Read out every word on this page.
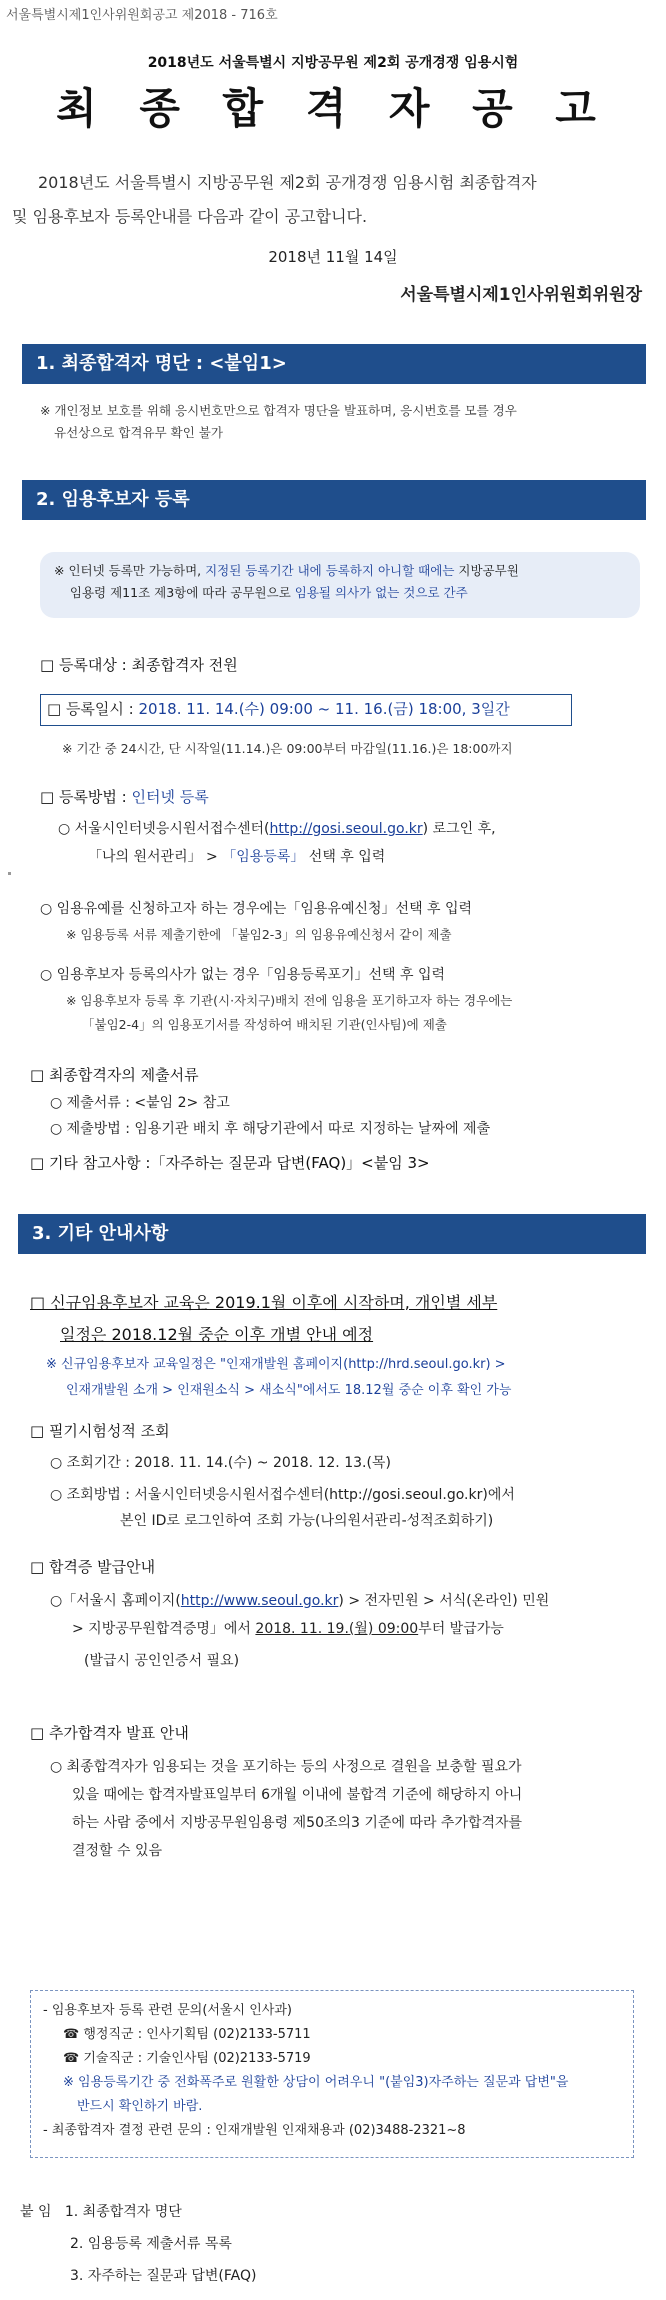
서울특별시제1인사위원회공고 제2018 - 716호
2018년도 서울특별시 지방공무원 제2회 공개경쟁 임용시험
최 종 합 격 자 공 고

2018년도 서울특별시 지방공무원 제2회 공개경쟁 임용시험 최종합격자

및 임용후보자 등록안내를 다음과 같이 공고합니다.
2018년 11월 14일
서울특별시제1인사위원회위원장
1. 최종합격자 명단 : <붙임1>
※ 개인정보 보호를 위해 응시번호만으로 합격자 명단을 발표하며, 응시번호를 모를 경우
유선상으로 합격유무 확인 불가
2. 임용후보자 등록
※ 인터넷 등록만 가능하며, 지정된 등록기간 내에 등록하지 아니할 때에는 지방공무원
임용령 제11조 제3항에 따라 공무원으로 임용될 의사가 없는 것으로 간주
□ 등록대상 : 최종합격자 전원
□ 등록일시 : 2018. 11. 14.(수) 09:00 ~ 11. 16.(금) 18:00, 3일간
※ 기간 중 24시간, 단 시작일(11.14.)은 09:00부터 마감일(11.16.)은 18:00까지
□ 등록방법 : 인터넷 등록
○ 서울시인터넷응시원서접수센터(http://gosi.seoul.go.kr) 로그인 후,
「나의 원서관리」 > 「임용등록」 선택 후 입력
○ 임용유예를 신청하고자 하는 경우에는「임용유예신청」선택 후 입력
※ 임용등록 서류 제출기한에 「붙임2-3」의 임용유예신청서 같이 제출
○ 임용후보자 등록의사가 없는 경우「임용등록포기」선택 후 입력
※ 임용후보자 등록 후 기관(시·자치구)배치 전에 임용을 포기하고자 하는 경우에는
「붙임2-4」의 임용포기서를 작성하여 배치된 기관(인사팀)에 제출
□ 최종합격자의 제출서류
○ 제출서류 : <붙임 2> 참고
○ 제출방법 : 임용기관 배치 후 해당기관에서 따로 지정하는 날짜에 제출
□ 기타 참고사항 :「자주하는 질문과 답변(FAQ)」<붙임 3>
3. 기타 안내사항
□ 신규임용후보자 교육은 2019.1월 이후에 시작하며, 개인별 세부
일정은 2018.12월 중순 이후 개별 안내 예정
※ 신규임용후보자 교육일정은 "인재개발원 홈페이지(http://hrd.seoul.go.kr) >
인재개발원 소개 > 인재원소식 > 새소식"에서도 18.12월 중순 이후 확인 가능
□ 필기시험성적 조회
○ 조회기간 : 2018. 11. 14.(수) ~ 2018. 12. 13.(목)
○ 조회방법 : 서울시인터넷응시원서접수센터(http://gosi.seoul.go.kr)에서
본인 ID로 로그인하여 조회 가능(나의원서관리-성적조회하기)
□ 합격증 발급안내
○「서울시 홈페이지(http://www.seoul.go.kr) > 전자민원 > 서식(온라인) 민원
> 지방공무원합격증명」에서 2018. 11. 19.(월) 09:00부터 발급가능
(발급시 공인인증서 필요)
□ 추가합격자 발표 안내
○ 최종합격자가 임용되는 것을 포기하는 등의 사정으로 결원을 보충할 필요가
있을 때에는 합격자발표일부터 6개월 이내에 불합격 기준에 해당하지 아니
하는 사람 중에서 지방공무원임용령 제50조의3 기준에 따라 추가합격자를
결정할 수 있음
- 임용후보자 등록 관련 문의(서울시 인사과)
☎ 행정직군 : 인사기획팀 (02)2133-5711
☎ 기술직군 : 기술인사팀 (02)2133-5719
※ 임용등록기간 중 전화폭주로 원활한 상담이 어려우니 "(붙임3)자주하는 질문과 답변"을
반드시 확인하기 바람.
- 최종합격자 결정 관련 문의 : 인재개발원 인재채용과 (02)3488-2321~8
붙 임 1. 최종합격자 명단
2. 임용등록 제출서류 목록
3. 자주하는 질문과 답변(FAQ)
